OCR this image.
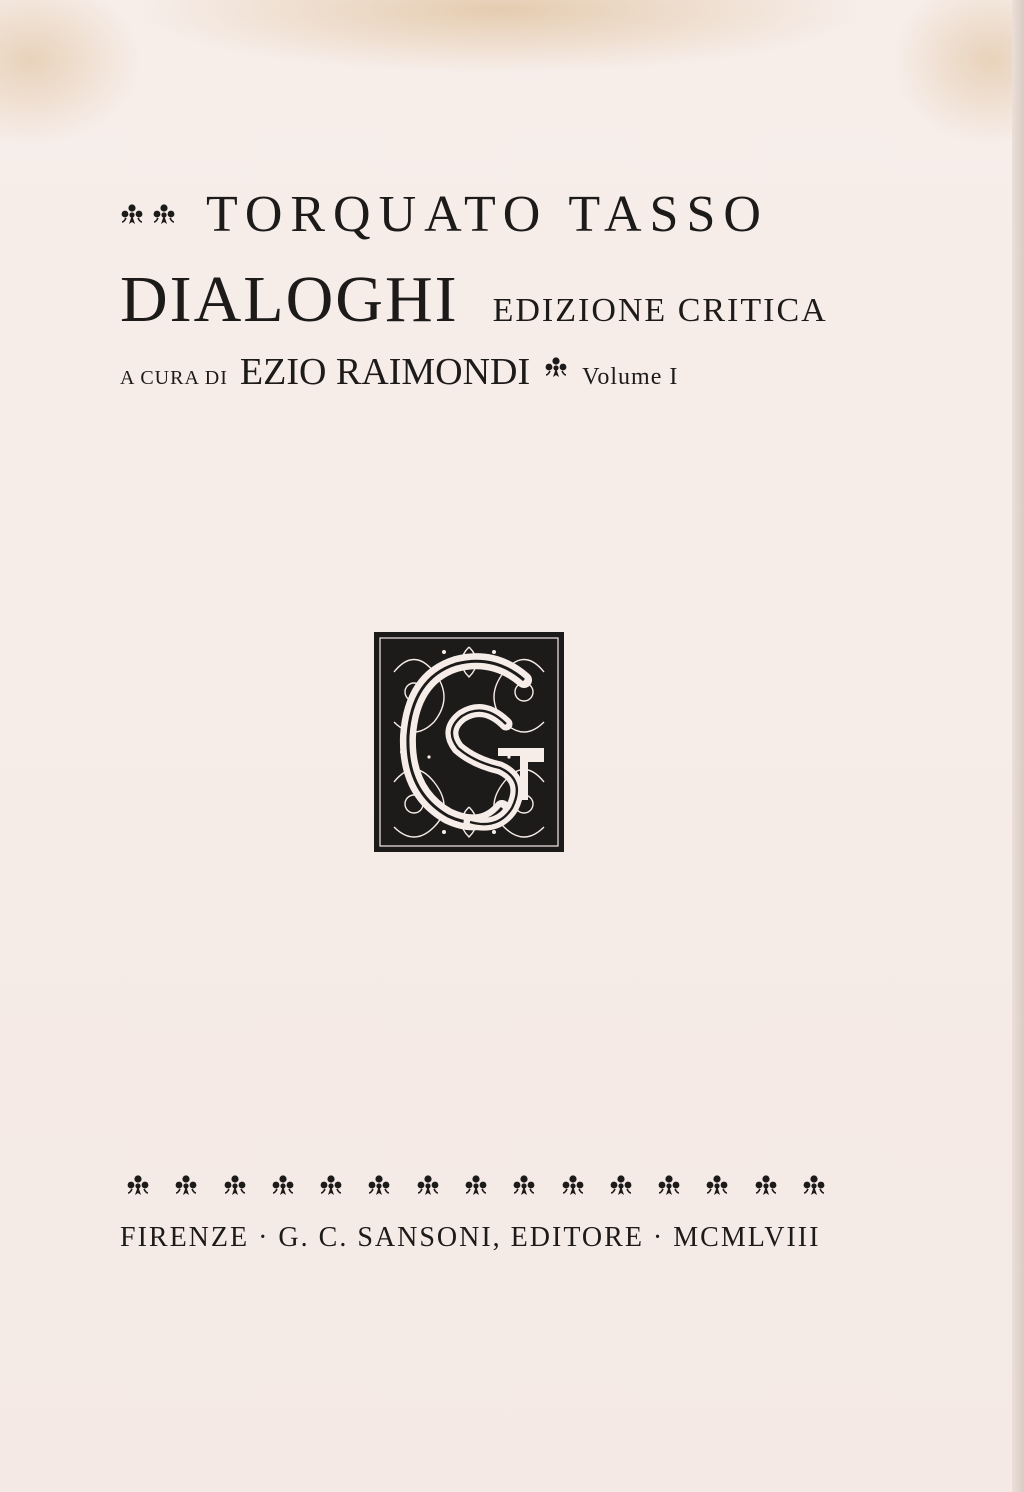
TORQUATO TASSO
DIALOGHI EDIZIONE CRITICA
A CURA DI EZIO RAIMONDI Volume I
FIRENZE · G. C. SANSONI, EDITORE · MCMLVIII
